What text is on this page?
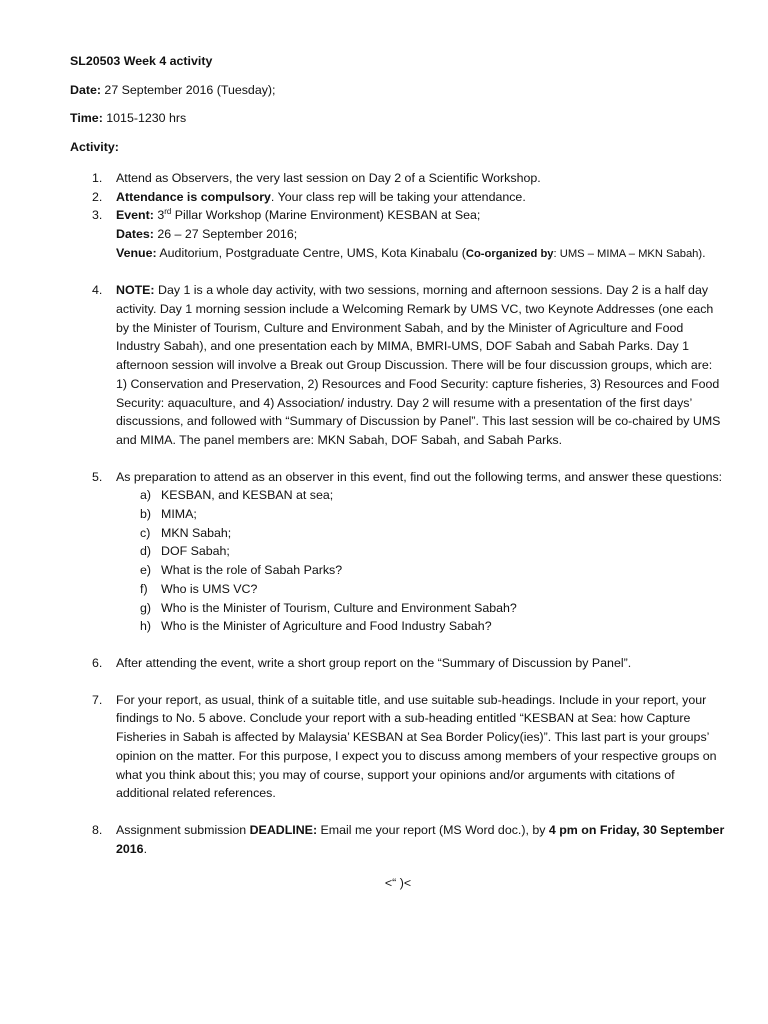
SL20503 Week 4 activity
Date: 27 September 2016 (Tuesday);
Time: 1015-1230 hrs
Activity:
1. Attend as Observers, the very last session on Day 2 of a Scientific Workshop.
2. Attendance is compulsory. Your class rep will be taking your attendance.
3. Event: 3rd Pillar Workshop (Marine Environment) KESBAN at Sea;
Dates: 26 – 27 September 2016;
Venue: Auditorium, Postgraduate Centre, UMS, Kota Kinabalu (Co-organized by: UMS – MIMA – MKN Sabah).
4. NOTE: Day 1 is a whole day activity, with two sessions, morning and afternoon sessions. Day 2 is a half day activity. Day 1 morning session include a Welcoming Remark by UMS VC, two Keynote Addresses (one each by the Minister of Tourism, Culture and Environment Sabah, and by the Minister of Agriculture and Food Industry Sabah), and one presentation each by MIMA, BMRI-UMS, DOF Sabah and Sabah Parks. Day 1 afternoon session will involve a Break out Group Discussion. There will be four discussion groups, which are: 1) Conservation and Preservation, 2) Resources and Food Security: capture fisheries, 3) Resources and Food Security: aquaculture, and 4) Association/ industry. Day 2 will resume with a presentation of the first days’ discussions, and followed with “Summary of Discussion by Panel”. This last session will be co-chaired by UMS and MIMA. The panel members are: MKN Sabah, DOF Sabah, and Sabah Parks.
5. As preparation to attend as an observer in this event, find out the following terms, and answer these questions:
a) KESBAN, and KESBAN at sea;
b) MIMA;
c) MKN Sabah;
d) DOF Sabah;
e) What is the role of Sabah Parks?
f) Who is UMS VC?
g) Who is the Minister of Tourism, Culture and Environment Sabah?
h) Who is the Minister of Agriculture and Food Industry Sabah?
6. After attending the event, write a short group report on the “Summary of Discussion by Panel”.
7. For your report, as usual, think of a suitable title, and use suitable sub-headings. Include in your report, your findings to No. 5 above. Conclude your report with a sub-heading entitled “KESBAN at Sea: how Capture Fisheries in Sabah is affected by Malaysia’ KESBAN at Sea Border Policy(ies)”. This last part is your groups’ opinion on the matter. For this purpose, I expect you to discuss among members of your respective groups on what you think about this; you may of course, support your opinions and/or arguments with citations of additional related references.
8. Assignment submission DEADLINE: Email me your report (MS Word doc.), by 4 pm on Friday, 30 September 2016.
<“ )<
